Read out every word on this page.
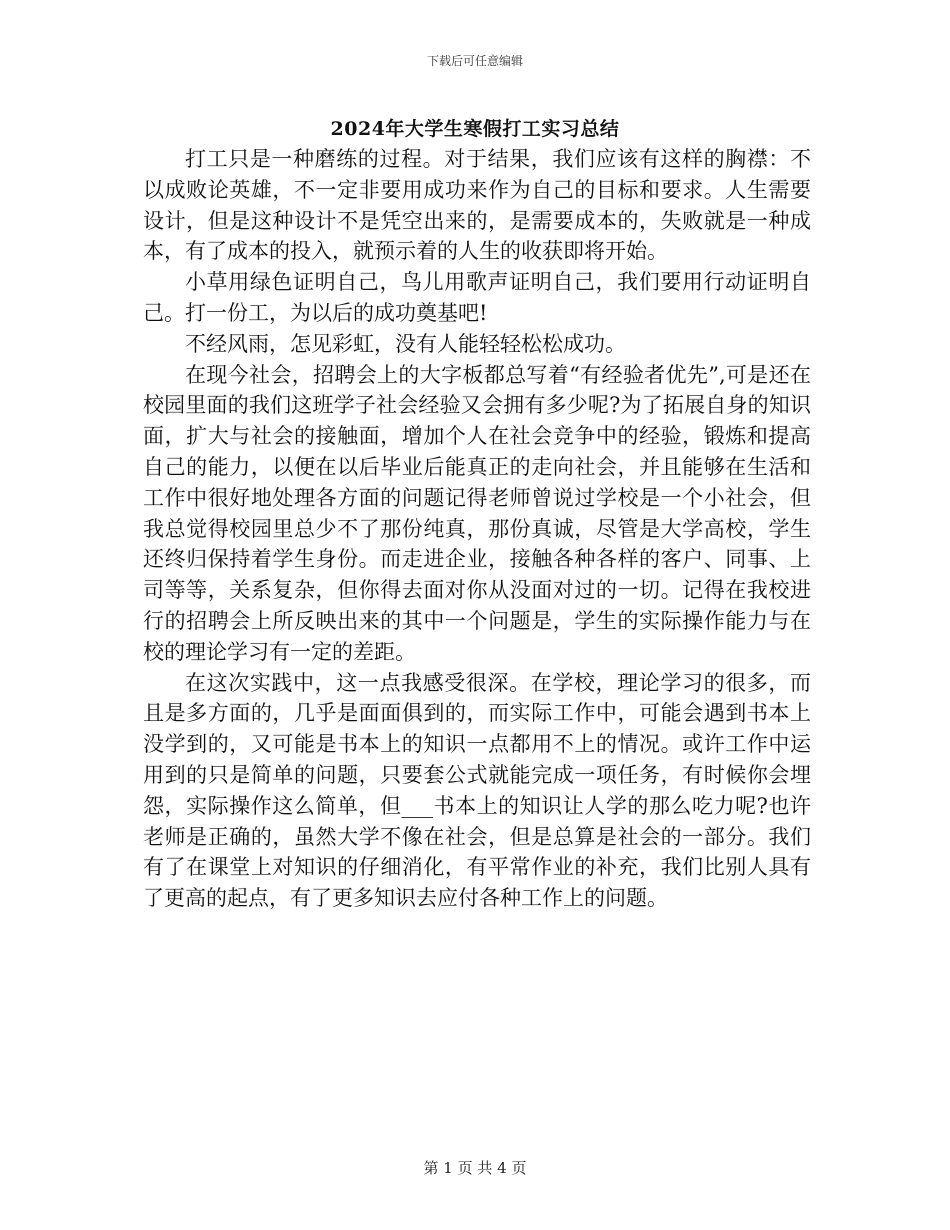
下载后可任意编辑
2024年大学生寒假打工实习总结

打工只是一种磨练的过程。对于结果，我们应该有这样的胸襟：不以成败论英雄，不一定非要用成功来作为自己的目标和要求。人生需要设计，但是这种设计不是凭空出来的，是需要成本的，失败就是一种成本，有了成本的投入，就预示着的人生的收获即将开始。

小草用绿色证明自己，鸟儿用歌声证明自己，我们要用行动证明自己。打一份工，为以后的成功奠基吧!

不经风雨，怎见彩虹，没有人能轻轻松松成功。

在现今社会，招聘会上的大字板都总写着“有经验者优先”,可是还在校园里面的我们这班学子社会经验又会拥有多少呢?为了拓展自身的知识面，扩大与社会的接触面，增加个人在社会竞争中的经验，锻炼和提高自己的能力，以便在以后毕业后能真正的走向社会，并且能够在生活和工作中很好地处理各方面的问题记得老师曾说过学校是一个小社会，但我总觉得校园里总少不了那份纯真，那份真诚，尽管是大学高校，学生还终归保持着学生身份。而走进企业，接触各种各样的客户、同事、上司等等，关系复杂，但你得去面对你从没面对过的一切。记得在我校进行的招聘会上所反映出来的其中一个问题是，学生的实际操作能力与在校的理论学习有一定的差距。

在这次实践中，这一点我感受很深。在学校，理论学习的很多，而且是多方面的，几乎是面面俱到的，而实际工作中，可能会遇到书本上没学到的，又可能是书本上的知识一点都用不上的情况。或许工作中运用到的只是简单的问题，只要套公式就能完成一项任务，有时候你会埋怨，实际操作这么简单，但___书本上的知识让人学的那么吃力呢?也许老师是正确的，虽然大学不像在社会，但是总算是社会的一部分。我们有了在课堂上对知识的仔细消化，有平常作业的补充，我们比别人具有了更高的起点，有了更多知识去应付各种工作上的问题。

第 1 页 共 4 页
